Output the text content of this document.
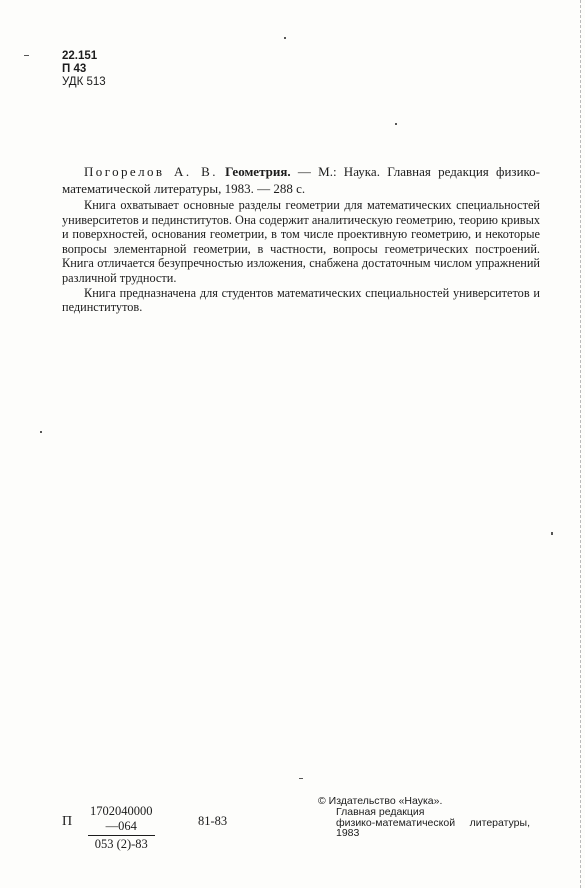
22.151
П 43
УДК 513
Погорелов А. В. Геометрия. — М.: Наука. Главная редакция физико-математической литературы, 1983. — 288 с.

Книга охватывает основные разделы геометрии для математических специальностей университетов и пединститутов. Она содержит аналитическую геометрию, теорию кривых и поверхностей, основания геометрии, в том числе проективную геометрию, и некоторые вопросы элементарной геометрии, в частности, вопросы геометрических построений. Книга отличается безупречностью изложения, снабжена достаточным числом упражнений различной трудности.

Книга предназначена для студентов математических специальностей университетов и пединститутов.

П $\frac{1702040000—064}{053 (2)-83}$	81-83
© Издательство «Наука».
Главная редакция
физико-математической     литературы,
1983
